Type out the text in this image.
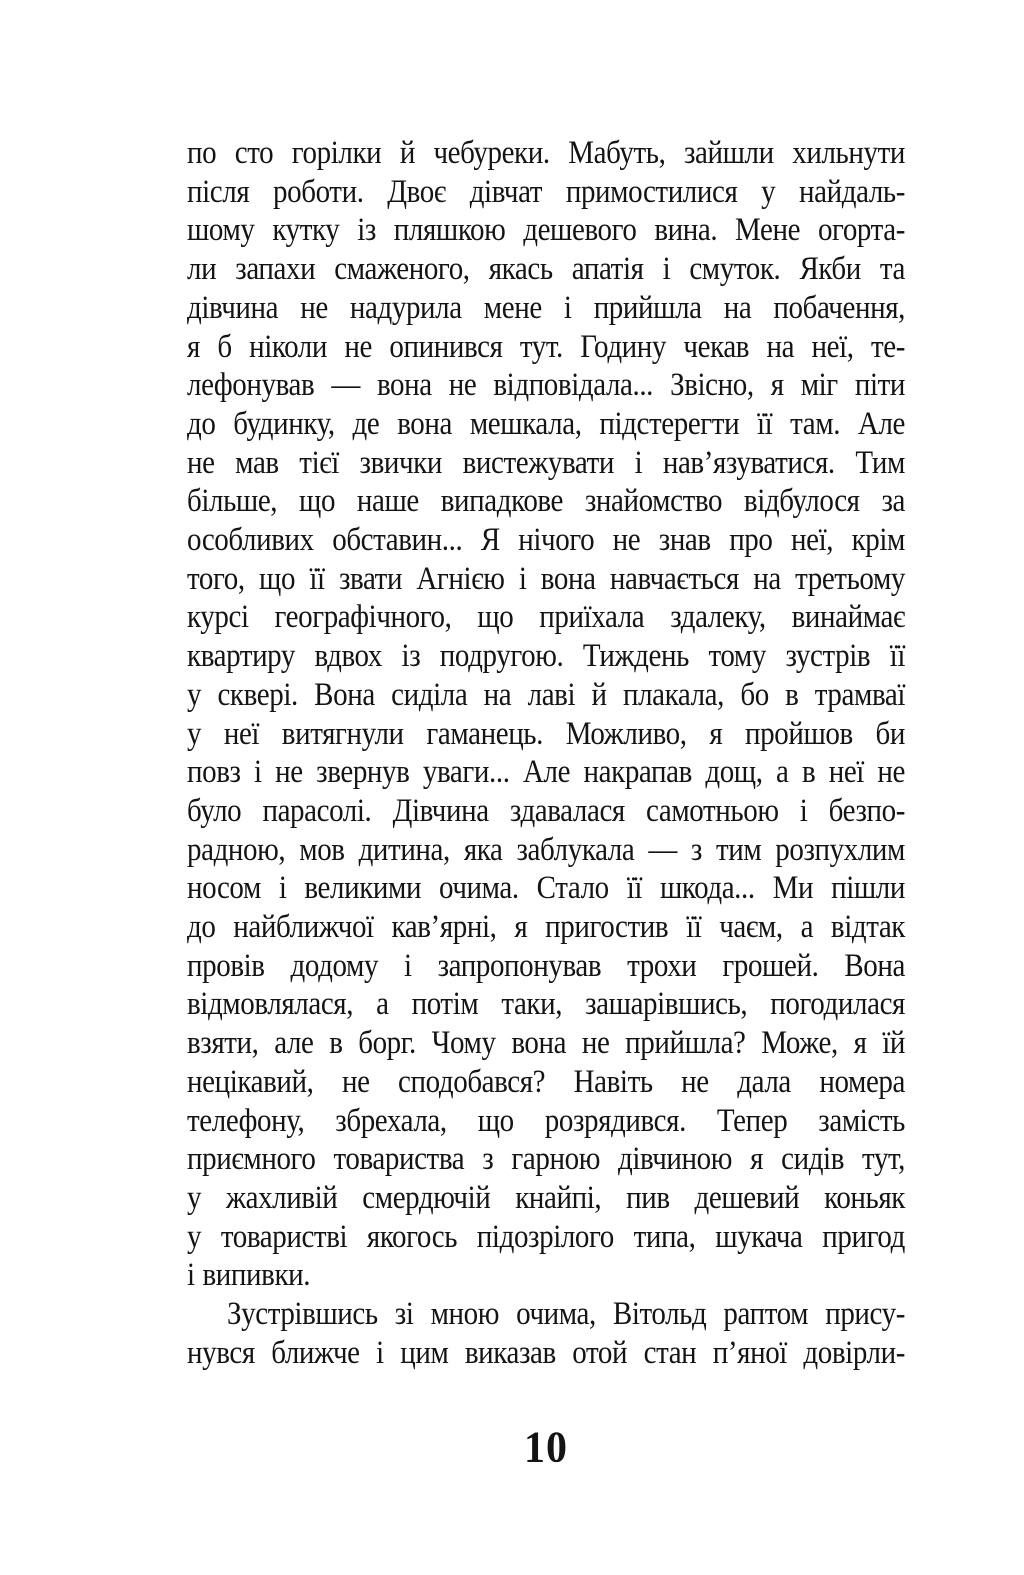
по сто горілки й чебуреки. Мабуть, зайшли хильнути
після роботи. Двоє дівчат примостилися у найдаль-
шому кутку із пляшкою дешевого вина. Мене огорта-
ли запахи смаженого, якась апатія і смуток. Якби та
дівчина не надурила мене і прийшла на побачення,
я б ніколи не опинився тут. Годину чекав на неї, те-
лефонував — вона не відповідала... Звісно, я міг піти
до будинку, де вона мешкала, підстерегти її там. Але
не мав тієї звички вистежувати і нав’язуватися. Тим
більше, що наше випадкове знайомство відбулося за
особливих обставин... Я нічого не знав про неї, крім
того, що її звати Агнією і вона навчається на третьому
курсі географічного, що приїхала здалеку, винаймає
квартиру вдвох із подругою. Тиждень тому зустрів її
у сквері. Вона сиділа на лаві й плакала, бо в трамваї
у неї витягнули гаманець. Можливо, я пройшов би
повз і не звернув уваги... Але накрапав дощ, а в неї не
було парасолі. Дівчина здавалася самотньою і безпо-
радною, мов дитина, яка заблукала — з тим розпухлим
носом і великими очима. Стало її шкода... Ми пішли
до найближчої кав’ярні, я пригостив її чаєм, а відтак
провів додому і запропонував трохи грошей. Вона
відмовлялася, а потім таки, зашарівшись, погодилася
взяти, але в борг. Чому вона не прийшла? Може, я їй
нецікавий, не сподобався? Навіть не дала номера
телефону, збрехала, що розрядився. Тепер замість
приємного товариства з гарною дівчиною я сидів тут,
у жахливій смердючій кнайпі, пив дешевий коньяк
у товаристві якогось підозрілого типа, шукача пригод
і випивки.
Зустрівшись зі мною очима, Вітольд раптом прису-
нувся ближче і цим виказав отой стан п’яної довірли-
10
